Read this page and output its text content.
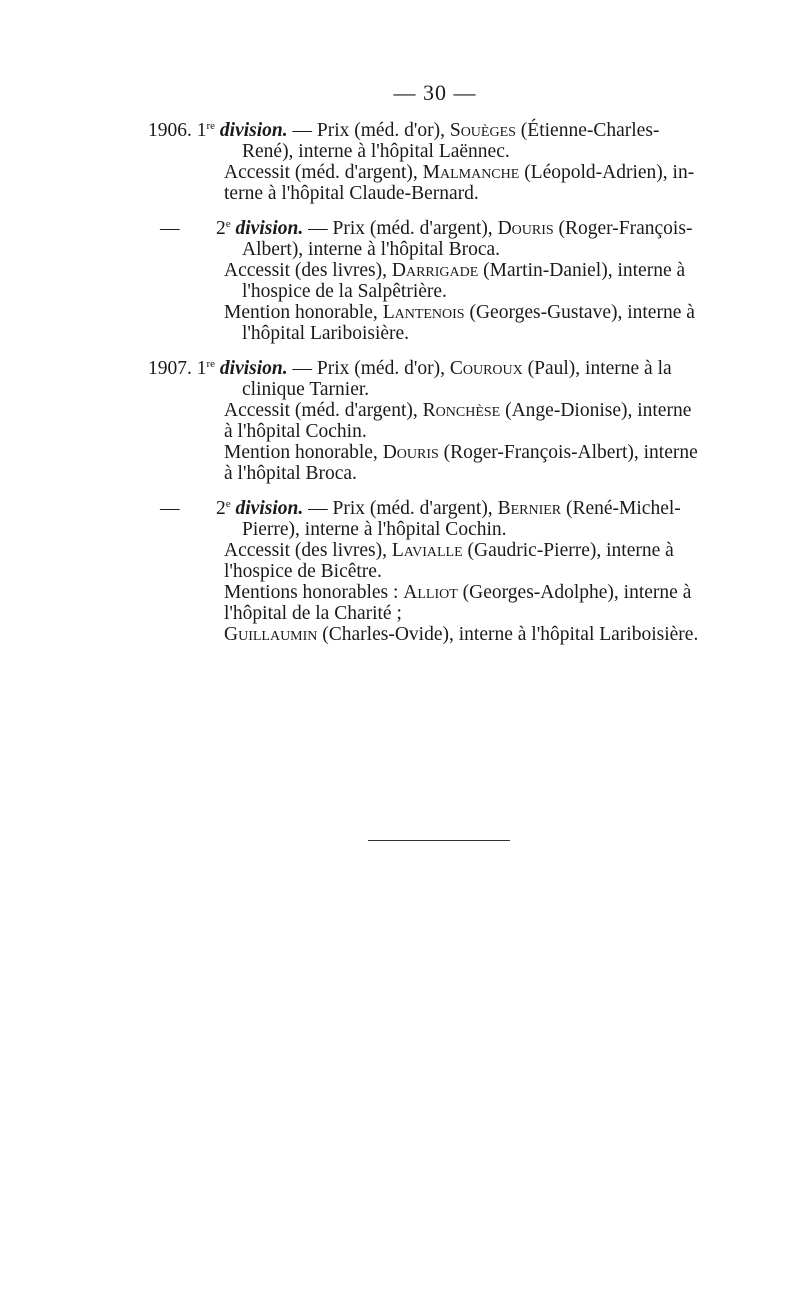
— 30 —
1906. 1re division. — Prix (méd. d'or), Souèges (Étienne-Charles-
René), interne à l'hôpital Laënnec.
Accessit (méd. d'argent), Malmanche (Léopold-Adrien), in-
terne à l'hôpital Claude-Bernard.
— 2e division. — Prix (méd. d'argent), Douris (Roger-François-
Albert), interne à l'hôpital Broca.
Accessit (des livres), Darrigade (Martin-Daniel), interne à
l'hospice de la Salpêtrière.
Mention honorable, Lantenois (Georges-Gustave), interne à
l'hôpital Lariboisière.
1907. 1re division. — Prix (méd. d'or), Couroux (Paul), interne à la
clinique Tarnier.
Accessit (méd. d'argent), Ronchèse (Ange-Dionise), interne
à l'hôpital Cochin.
Mention honorable, Douris (Roger-François-Albert), interne
à l'hôpital Broca.
— 2e division. — Prix (méd. d'argent), Bernier (René-Michel-
Pierre), interne à l'hôpital Cochin.
Accessit (des livres), Lavialle (Gaudric-Pierre), interne à
l'hospice de Bicêtre.
Mentions honorables : Alliot (Georges-Adolphe), interne à
l'hôpital de la Charité ;
Guillaumin (Charles-Ovide), interne à l'hôpital Lariboisière.
